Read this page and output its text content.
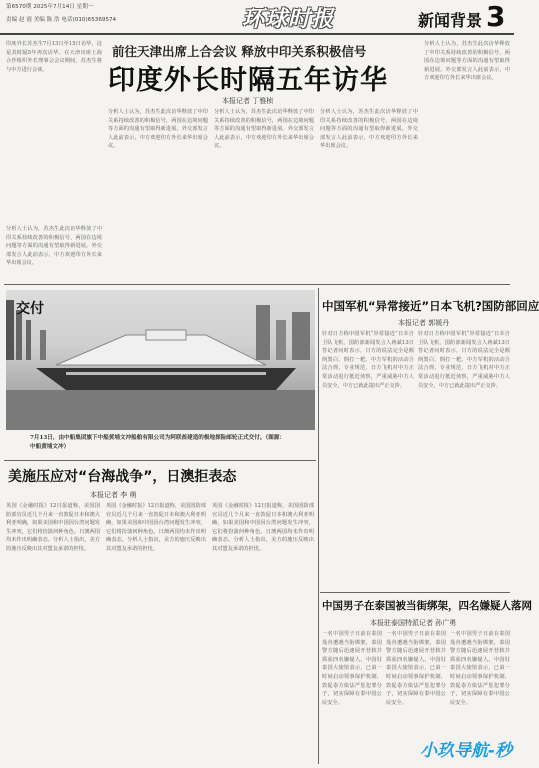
第6570期 2025年7月14日 星期一
责编 赵 霞 美编 陈 浩 电话(010)65369574	环球时报	新闻背景 3
印度外长苏杰生7月13日至15日访华，这是其时隔5年再次访华。在天津出席上海合作组织外长理事会会议期间，苏杰生将与中方进行会谈。
前往天津出席上合会议 释放中印关系积极信号
印度外长时隔五年访华
本报记者 丁雅桢
分析人士认为，苏杰生此次访华释放了中印关系持续改善的积极信号，两国在边境问题等方面的沟通有望取得新进展。外交部发言人此前表示，中方欢迎印方外长来华出席会议。
分析人士认为，苏杰生此次访华释放了中印关系持续改善的积极信号，两国在边境问题等方面的沟通有望取得新进展。外交部发言人此前表示，中方欢迎印方外长来华出席会议。
分析人士认为，苏杰生此次访华释放了中印关系持续改善的积极信号，两国在边境问题等方面的沟通有望取得新进展。外交部发言人此前表示，中方欢迎印方外长来华出席会议。
分析人士认为，苏杰生此次访华释放了中印关系持续改善的积极信号，两国在边境问题等方面的沟通有望取得新进展。外交部发言人此前表示，中方欢迎印方外长来华出席会议。
分析人士认为，苏杰生此次访华释放了中印关系持续改善的积极信号，两国在边境问题等方面的沟通有望取得新进展。外交部发言人此前表示，中方欢迎印方外长来华出席会议。
交付
7月13日，由中船集团旗下中船黄埔文冲船舶有限公司为阿联酋建造的极地探险邮轮正式交付。（图源：中船黄埔文冲）
美施压应对“台海战争”，日澳拒表态
本报记者 李 萌
英国《金融时报》12日报道称，美国国防部官员近几个月来一直敦促日本和澳大利亚明确，如果美国和中国因台湾问题发生冲突，它们将扮演何种角色。日澳两国均未作出明确表态。分析人士指出，美方的施压反映出其对盟友承诺的担忧。
英国《金融时报》12日报道称，美国国防部官员近几个月来一直敦促日本和澳大利亚明确，如果美国和中国因台湾问题发生冲突，它们将扮演何种角色。日澳两国均未作出明确表态。分析人士指出，美方的施压反映出其对盟友承诺的担忧。
英国《金融时报》12日报道称，美国国防部官员近几个月来一直敦促日本和澳大利亚明确，如果美国和中国因台湾问题发生冲突，它们将扮演何种角色。日澳两国均未作出明确表态。分析人士指出，美方的施压反映出其对盟友承诺的担忧。
中国军机“异常接近”日本飞机?国防部回应
本报记者 郭媛丹
针对日方称中国军机“异常接近”日本自卫队飞机，国防部新闻发言人蒋斌13日答记者问时表示，日方的说法完全是颠倒黑白、倒打一耙。中方军机的活动合法合规、专业规范，日方飞机对中方正常活动进行抵近侦察，严重威胁中方人员安全，中方已就此提出严正交涉。
针对日方称中国军机“异常接近”日本自卫队飞机，国防部新闻发言人蒋斌13日答记者问时表示，日方的说法完全是颠倒黑白、倒打一耙。中方军机的活动合法合规、专业规范，日方飞机对中方正常活动进行抵近侦察，严重威胁中方人员安全，中方已就此提出严正交涉。
中国男子在泰国被当街绑架，四名嫌疑人落网
本报驻泰国特派记者 孙广勇
一名中国男子日前在泰国曼谷遭遇当街绑架，泰国警方随后迅速展开营救并抓获四名嫌疑人。中国驻泰国大使馆表示，已第一时间启动领事保护机制，敦促泰方依法严惩犯罪分子，切实保障在泰中国公民安全。
一名中国男子日前在泰国曼谷遭遇当街绑架，泰国警方随后迅速展开营救并抓获四名嫌疑人。中国驻泰国大使馆表示，已第一时间启动领事保护机制，敦促泰方依法严惩犯罪分子，切实保障在泰中国公民安全。
一名中国男子日前在泰国曼谷遭遇当街绑架，泰国警方随后迅速展开营救并抓获四名嫌疑人。中国驻泰国大使馆表示，已第一时间启动领事保护机制，敦促泰方依法严惩犯罪分子，切实保障在泰中国公民安全。
小玖导航-秒
